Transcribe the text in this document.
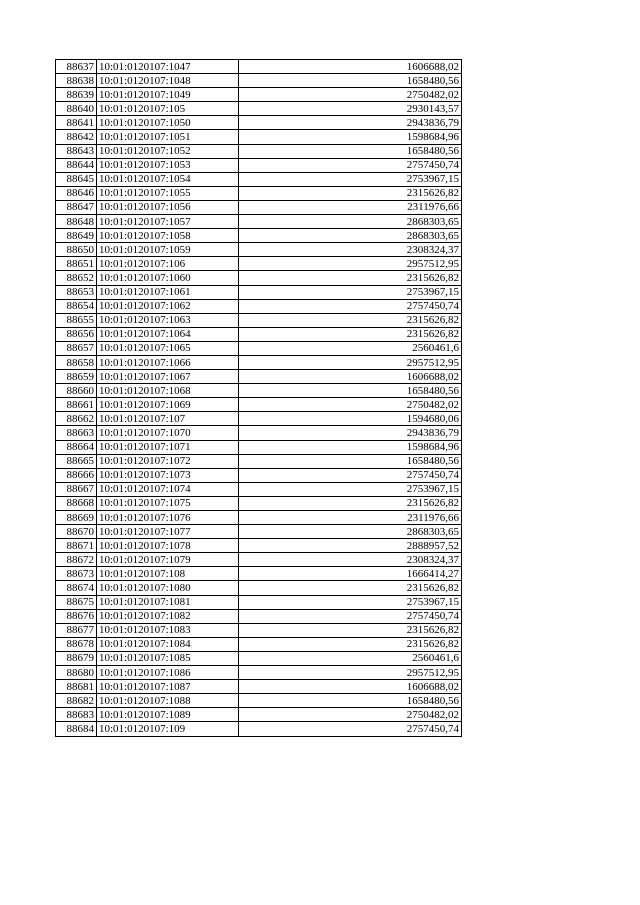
88637	10:01:0120107:1047	1606688,02
88638	10:01:0120107:1048	1658480,56
88639	10:01:0120107:1049	2750482,02
88640	10:01:0120107:105	2930143,57
88641	10:01:0120107:1050	2943836,79
88642	10:01:0120107:1051	1598684,96
88643	10:01:0120107:1052	1658480,56
88644	10:01:0120107:1053	2757450,74
88645	10:01:0120107:1054	2753967,15
88646	10:01:0120107:1055	2315626,82
88647	10:01:0120107:1056	2311976,66
88648	10:01:0120107:1057	2868303,65
88649	10:01:0120107:1058	2868303,65
88650	10:01:0120107:1059	2308324,37
88651	10:01:0120107:106	2957512,95
88652	10:01:0120107:1060	2315626,82
88653	10:01:0120107:1061	2753967,15
88654	10:01:0120107:1062	2757450,74
88655	10:01:0120107:1063	2315626,82
88656	10:01:0120107:1064	2315626,82
88657	10:01:0120107:1065	2560461,6
88658	10:01:0120107:1066	2957512,95
88659	10:01:0120107:1067	1606688,02
88660	10:01:0120107:1068	1658480,56
88661	10:01:0120107:1069	2750482,02
88662	10:01:0120107:107	1594680,06
88663	10:01:0120107:1070	2943836,79
88664	10:01:0120107:1071	1598684,96
88665	10:01:0120107:1072	1658480,56
88666	10:01:0120107:1073	2757450,74
88667	10:01:0120107:1074	2753967,15
88668	10:01:0120107:1075	2315626,82
88669	10:01:0120107:1076	2311976,66
88670	10:01:0120107:1077	2868303,65
88671	10:01:0120107:1078	2888957,52
88672	10:01:0120107:1079	2308324,37
88673	10:01:0120107:108	1666414,27
88674	10:01:0120107:1080	2315626,82
88675	10:01:0120107:1081	2753967,15
88676	10:01:0120107:1082	2757450,74
88677	10:01:0120107:1083	2315626,82
88678	10:01:0120107:1084	2315626,82
88679	10:01:0120107:1085	2560461,6
88680	10:01:0120107:1086	2957512,95
88681	10:01:0120107:1087	1606688,02
88682	10:01:0120107:1088	1658480,56
88683	10:01:0120107:1089	2750482,02
88684	10:01:0120107:109	2757450,74
